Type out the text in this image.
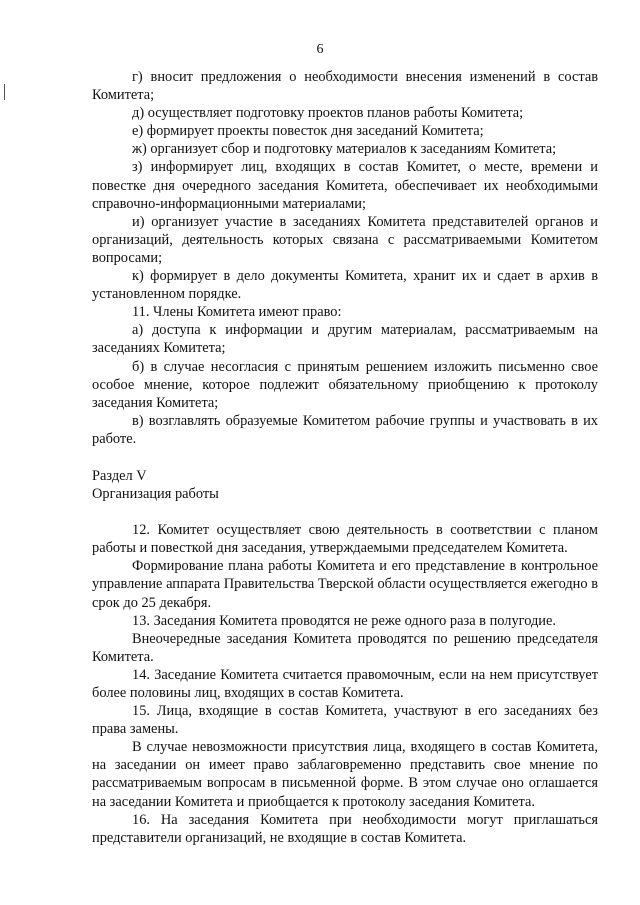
6

г) вносит предложения о необходимости внесения изменений в состав Комитета;

д) осуществляет подготовку проектов планов работы Комитета;

е) формирует проекты повесток дня заседаний Комитета;

ж) организует сбор и подготовку материалов к заседаниям Комитета;

з) информирует лиц, входящих в состав Комитет, о месте, времени и повестке дня очередного заседания Комитета, обеспечивает их необходимыми справочно-информационными материалами;

и) организует участие в заседаниях Комитета представителей органов и организаций, деятельность которых связана с рассматриваемыми Комитетом вопросами;

к) формирует в дело документы Комитета, хранит их и сдает в архив в установленном порядке.

11. Члены Комитета имеют право:

а) доступа к информации и другим материалам, рассматриваемым на заседаниях Комитета;

б) в случае несогласия с принятым решением изложить письменно свое особое мнение, которое подлежит обязательному приобщению к протоколу заседания Комитета;

в) возглавлять образуемые Комитетом рабочие группы и участвовать в их работе.

Раздел V

Организация работы

12. Комитет осуществляет свою деятельность в соответствии с планом работы и повесткой дня заседания, утверждаемыми председателем Комитета.

Формирование плана работы Комитета и его представление в контрольное управление аппарата Правительства Тверской области осуществляется ежегодно в срок до 25 декабря.

13. Заседания Комитета проводятся не реже одного раза в полугодие.

Внеочередные заседания Комитета проводятся по решению председателя Комитета.

14. Заседание Комитета считается правомочным, если на нем присутствует более половины лиц, входящих в состав Комитета.

15. Лица, входящие в состав Комитета, участвуют в его заседаниях без права замены.

В случае невозможности присутствия лица, входящего в состав Комитета, на заседании он имеет право заблаговременно представить свое мнение по рассматриваемым вопросам в письменной форме. В этом случае оно оглашается на заседании Комитета и приобщается к протоколу заседания Комитета.

16. На заседания Комитета при необходимости могут приглашаться представители организаций, не входящие в состав Комитета.
